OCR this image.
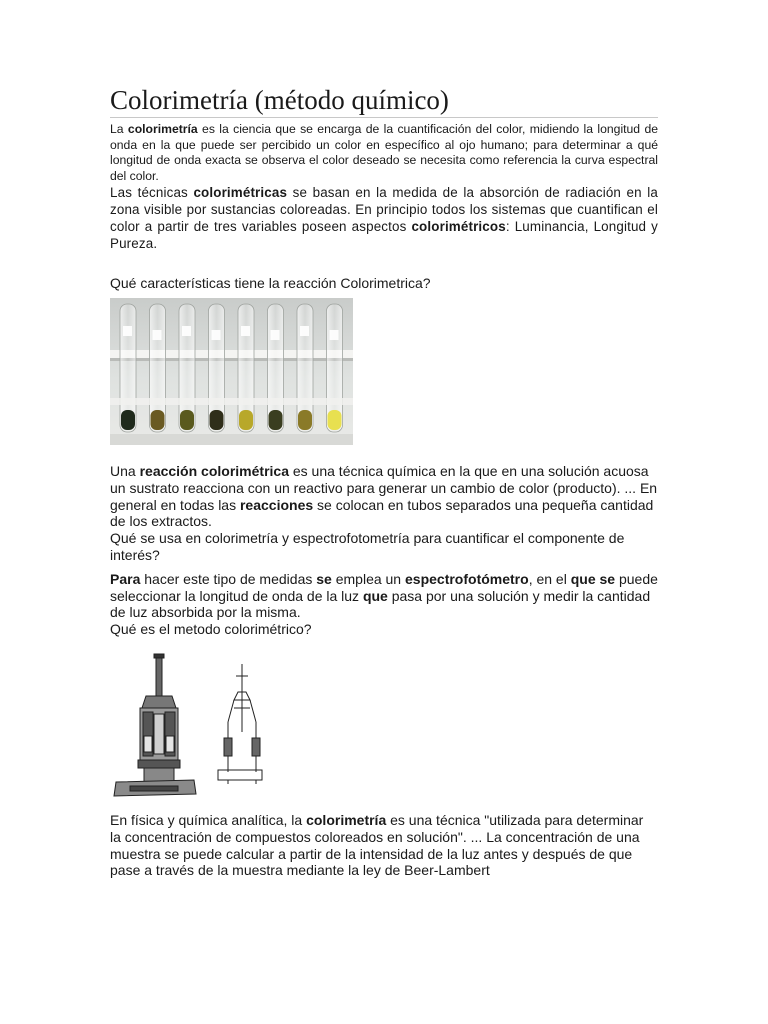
Colorimetría (método químico)

La colorimetría es la ciencia que se encarga de la cuantificación del color, midiendo la longitud de onda en la que puede ser percibido un color en específico al ojo humano; para determinar a qué longitud de onda exacta se observa el color deseado se necesita como referencia la curva espectral del color.

Las técnicas colorimétricas se basan en la medida de la absorción de radiación en la zona visible por sustancias coloreadas. En principio todos los sistemas que cuantifican el color a partir de tres variables poseen aspectos colorimétricos: Luminancia, Longitud y Pureza.

Qué características tiene la reacción Colorimetrica?

Una reacción colorimétrica es una técnica química en la que en una solución acuosa un sustrato reacciona con un reactivo para generar un cambio de color (producto). ... En general en todas las reacciones se colocan en tubos separados una pequeña cantidad de los extractos.

Qué se usa en colorimetría y espectrofotometría para cuantificar el componente de interés?

Para hacer este tipo de medidas se emplea un espectrofotómetro, en el que se puede seleccionar la longitud de onda de la luz que pasa por una solución y medir la cantidad de luz absorbida por la misma.

Qué es el metodo colorimétrico?

En física y química analítica, la colorimetría es una técnica "utilizada para determinar la concentración de compuestos coloreados en solución". ... La concentración de una muestra se puede calcular a partir de la intensidad de la luz antes y después de que pase a través de la muestra mediante la ley de Beer-Lambert
